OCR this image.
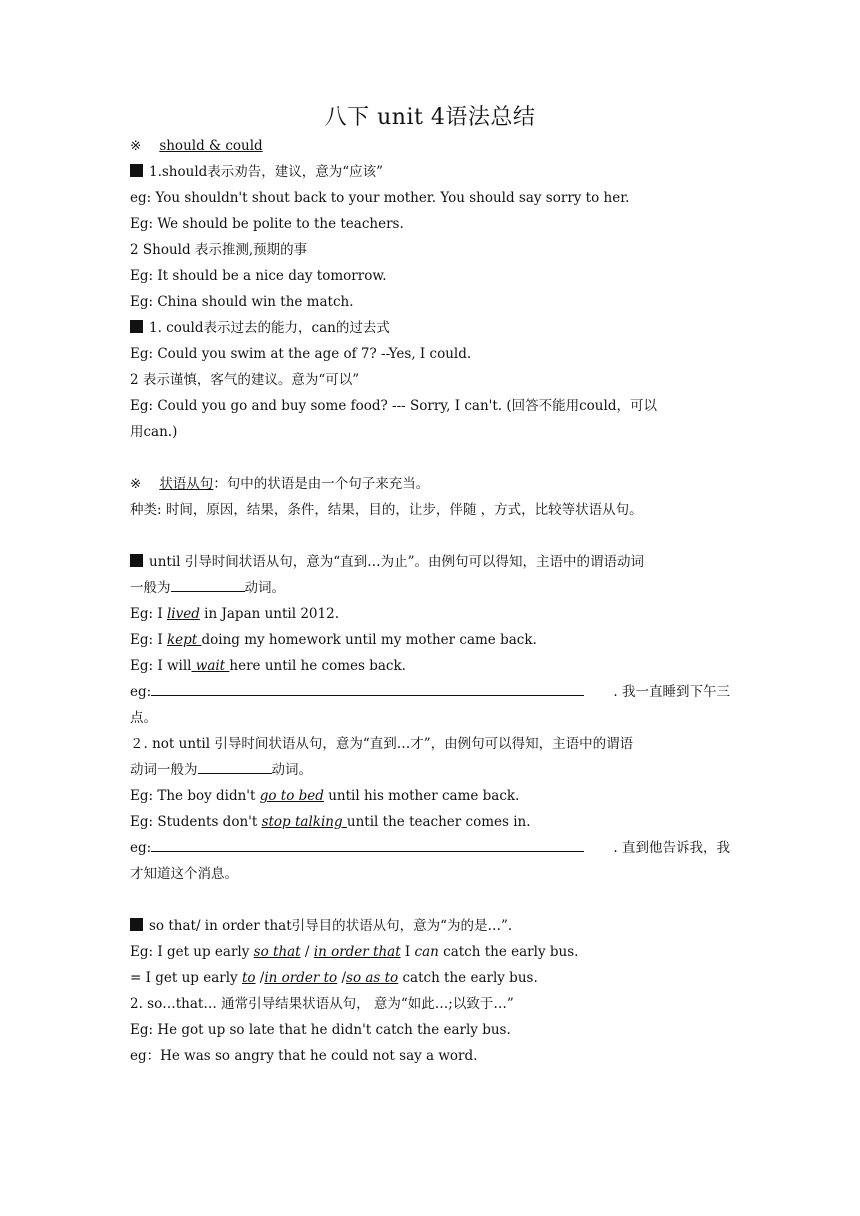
八下 unit 4语法总结
※ should & could
1.should表示劝告，建议，意为“应该”
eg: You shouldn't shout back to your mother. You should say sorry to her.
Eg: We should be polite to the teachers.
2 Should 表示推测,预期的事
Eg: It should be a nice day tomorrow.
Eg: China should win the match.
1. could表示过去的能力，can的过去式
Eg: Could you swim at the age of 7? --Yes, I could.
2 表示谨慎，客气的建议。意为“可以”
Eg: Could you go and buy some food? --- Sorry, I can't. (回答不能用could，可以
用can.)
※ 状语从句：句中的状语是由一个句子来充当。
种类: 时间，原因，结果，条件，结果，目的，让步，伴随 ，方式，比较等状语从句。
until 引导时间状语从句，意为“直到…为止”。由例句可以得知，主语中的谓语动词
一般为	动词。
Eg: I lived in Japan until 2012.
Eg: I kept doing my homework until my mother came back.
Eg: I will wait here until he comes back.
eg:	. 我一直睡到下午三
点。
２. not until 引导时间状语从句，意为“直到…才”，由例句可以得知，主语中的谓语
动词一般为	动词。
Eg: The boy didn't go to bed until his mother came back.
Eg: Students don't stop talking until the teacher comes in.
eg:	. 直到他告诉我，我
才知道这个消息。
so that/ in order that引导目的状语从句，意为“为的是…”.
Eg: I get up early so that / in order that I can catch the early bus.
= I get up early to /in order to /so as to catch the early bus.
2. so…that… 通常引导结果状语从句， 意为“如此…;以致于…”
Eg: He got up so late that he didn't catch the early bus.
eg：He was so angry that he could not say a word.
